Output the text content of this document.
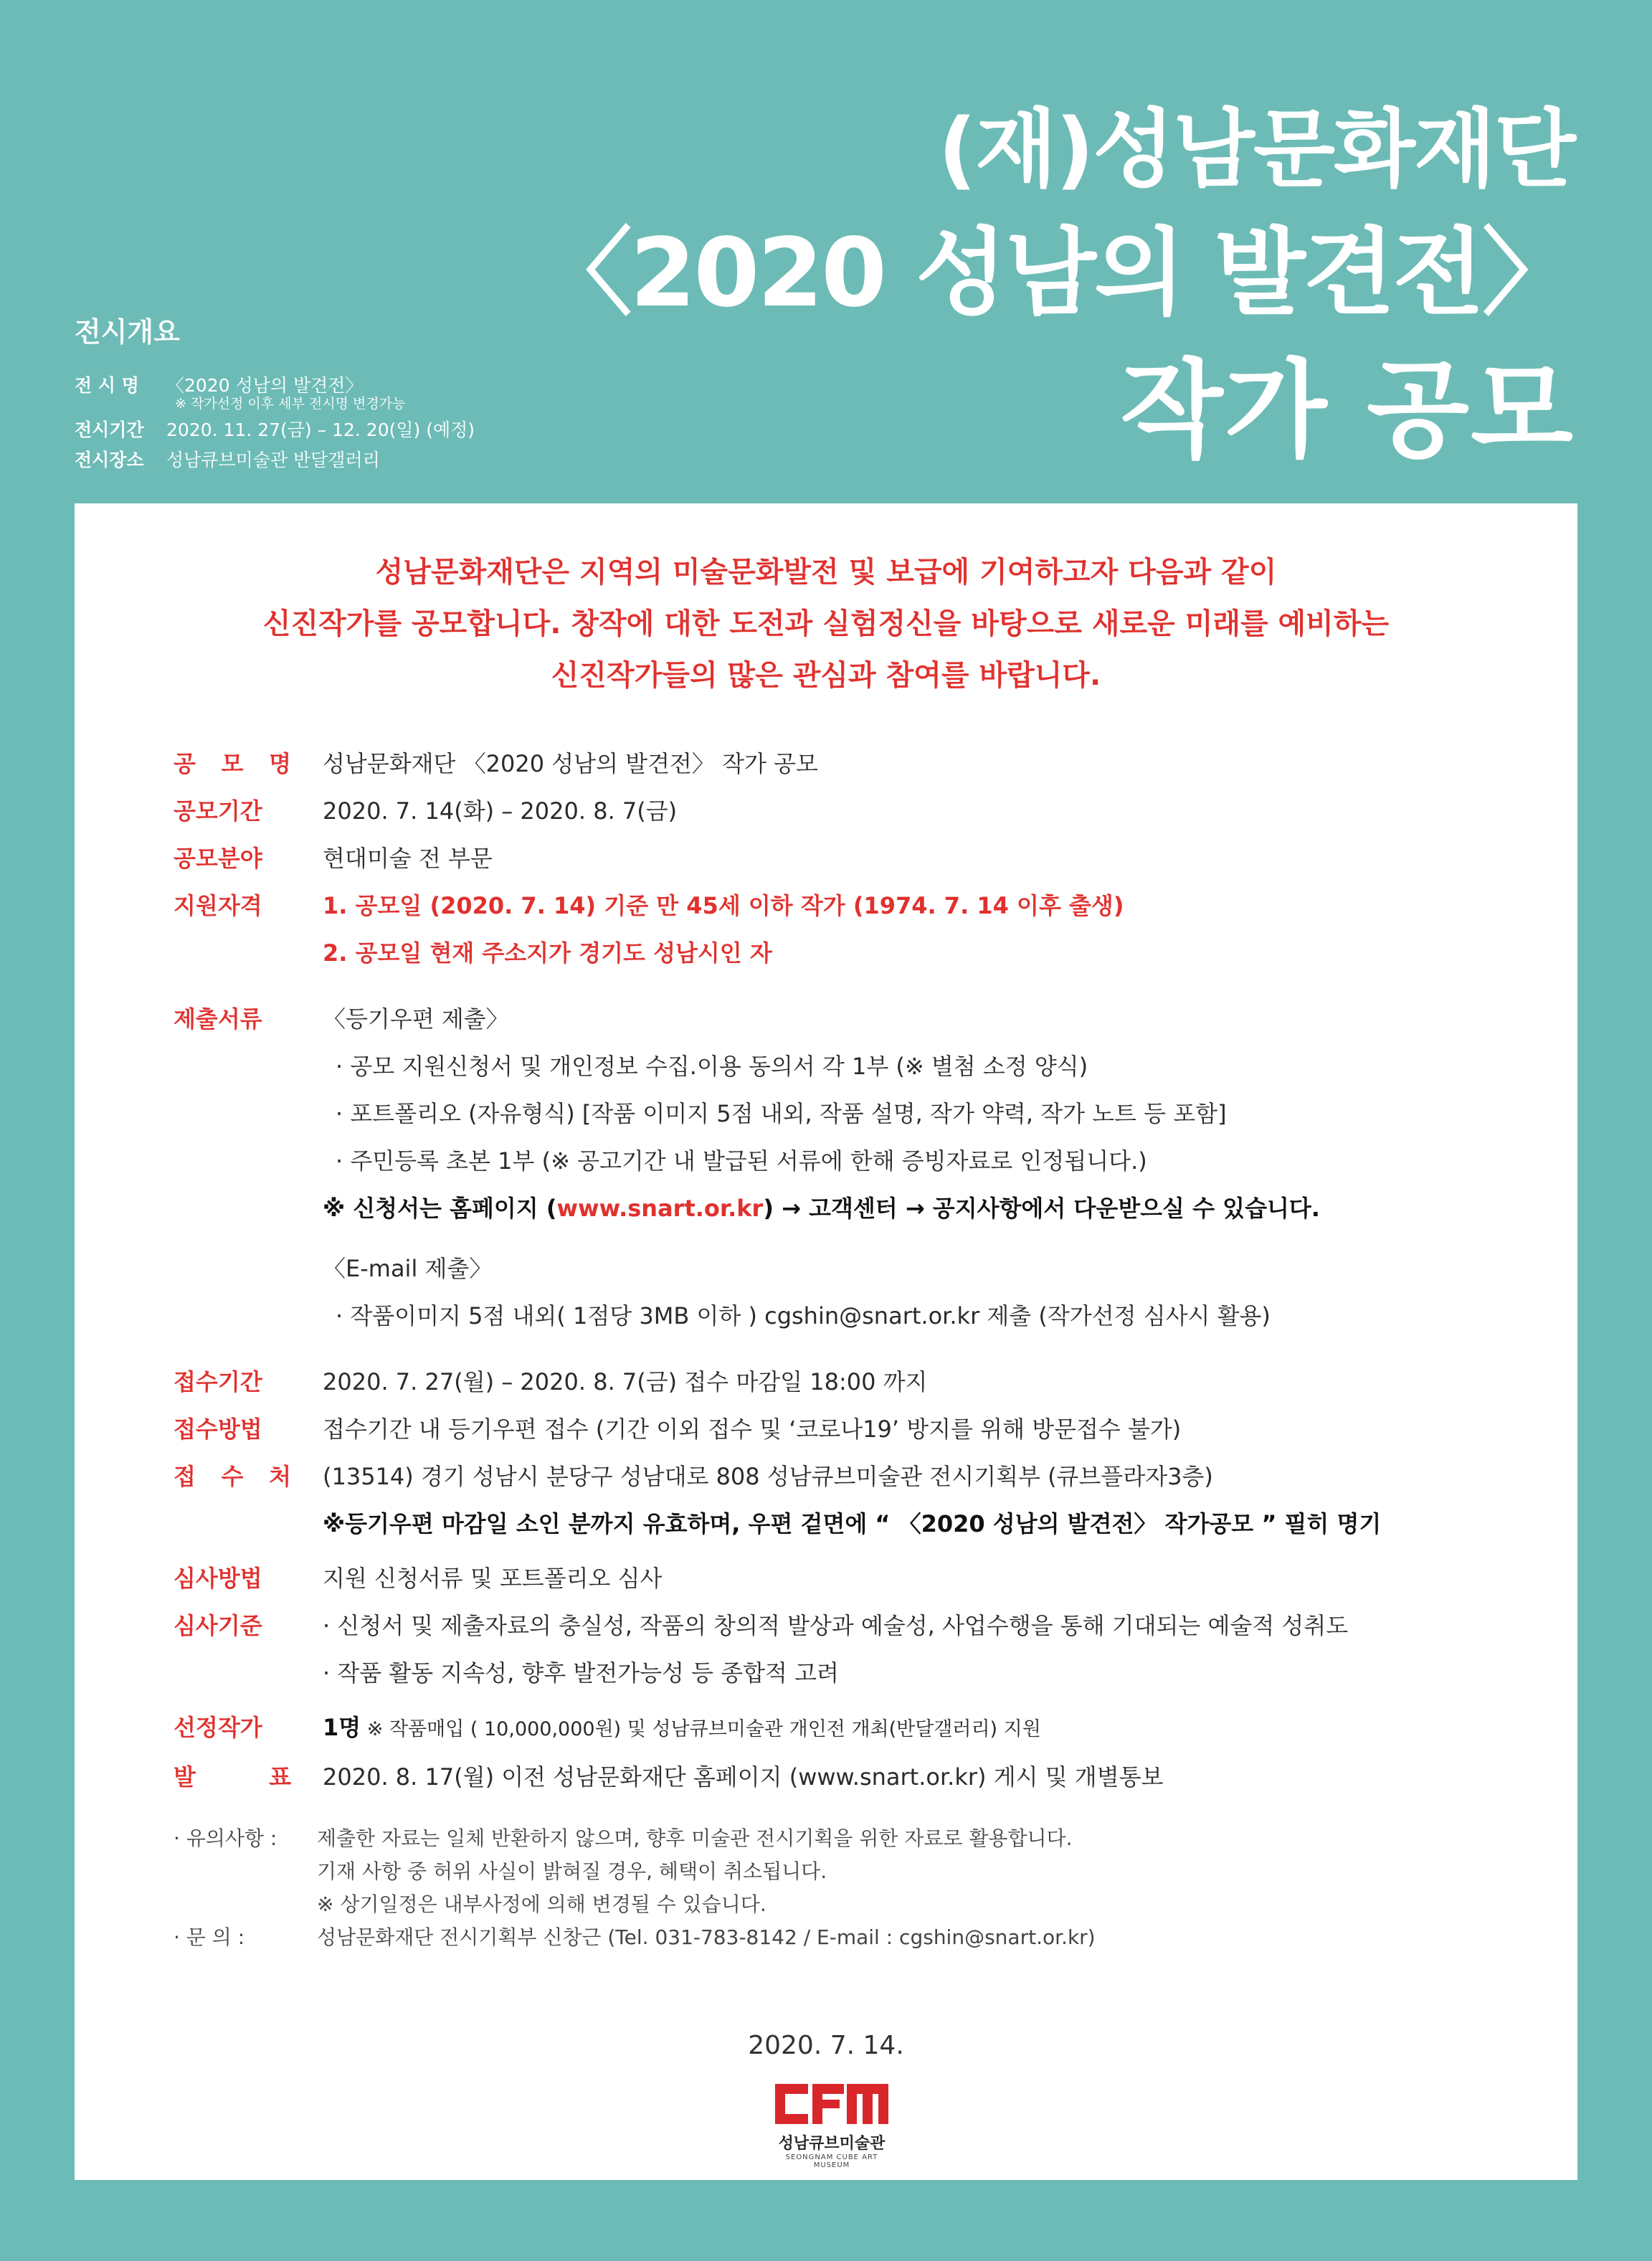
(재)성남문화재단
〈2020 성남의 발견전〉
작가 공모
전시개요
전 시 명 〈2020 성남의 발견전〉
※ 작가선정 이후 세부 전시명 변경가능
전시기간 2020. 11. 27(금) – 12. 20(일) (예정)
전시장소 성남큐브미술관 반달갤러리
성남문화재단은 지역의 미술문화발전 및 보급에 기여하고자 다음과 같이
신진작가를 공모합니다. 창작에 대한 도전과 실험정신을 바탕으로 새로운 미래를 예비하는
신진작가들의 많은 관심과 참여를 바랍니다.
공 모 명	성남문화재단 〈2020 성남의 발견전〉 작가 공모
공모기간	2020. 7. 14(화) – 2020. 8. 7(금)
공모분야	현대미술 전 부문
지원자격	1. 공모일 (2020. 7. 14) 기준 만 45세 이하 작가 (1974. 7. 14 이후 출생)
2. 공모일 현재 주소지가 경기도 성남시인 자
제출서류	〈등기우편 제출〉
· 공모 지원신청서 및 개인정보 수집.이용 동의서 각 1부 (※ 별첨 소정 양식)
· 포트폴리오 (자유형식) [작품 이미지 5점 내외, 작품 설명, 작가 약력, 작가 노트 등 포함]
· 주민등록 초본 1부 (※ 공고기간 내 발급된 서류에 한해 증빙자료로 인정됩니다.)
※ 신청서는 홈페이지 (www.snart.or.kr) → 고객센터 → 공지사항에서 다운받으실 수 있습니다.
〈E-mail 제출〉
· 작품이미지 5점 내외( 1점당 3MB 이하 ) cgshin@snart.or.kr 제출 (작가선정 심사시 활용)
접수기간	2020. 7. 27(월) – 2020. 8. 7(금) 접수 마감일 18:00 까지
접수방법	접수기간 내 등기우편 접수 (기간 이외 접수 및 ‘코로나19’ 방지를 위해 방문접수 불가)
접 수 처	(13514) 경기 성남시 분당구 성남대로 808 성남큐브미술관 전시기획부 (큐브플라자3층)
※등기우편 마감일 소인 분까지 유효하며, 우편 겉면에 “ 〈2020 성남의 발견전〉 작가공모 ” 필히 명기
심사방법	지원 신청서류 및 포트폴리오 심사
심사기준	· 신청서 및 제출자료의 충실성, 작품의 창의적 발상과 예술성, 사업수행을 통해 기대되는 예술적 성취도
· 작품 활동 지속성, 향후 발전가능성 등 종합적 고려
선정작가	1명 ※ 작품매입 ( 10,000,000원) 및 성남큐브미술관 개인전 개최(반달갤러리) 지원
발 표	2020. 8. 17(월) 이전 성남문화재단 홈페이지 (www.snart.or.kr) 게시 및 개별통보
· 유의사항 :	제출한 자료는 일체 반환하지 않으며, 향후 미술관 전시기획을 위한 자료로 활용합니다.
기재 사항 중 허위 사실이 밝혀질 경우, 혜택이 취소됩니다.
※ 상기일정은 내부사정에 의해 변경될 수 있습니다.
· 문 의 :	성남문화재단 전시기획부 신창근 (Tel. 031-783-8142 / E-mail : cgshin@snart.or.kr)
2020. 7. 14.
성남큐브미술관
SEONGNAM CUBE ART MUSEUM
